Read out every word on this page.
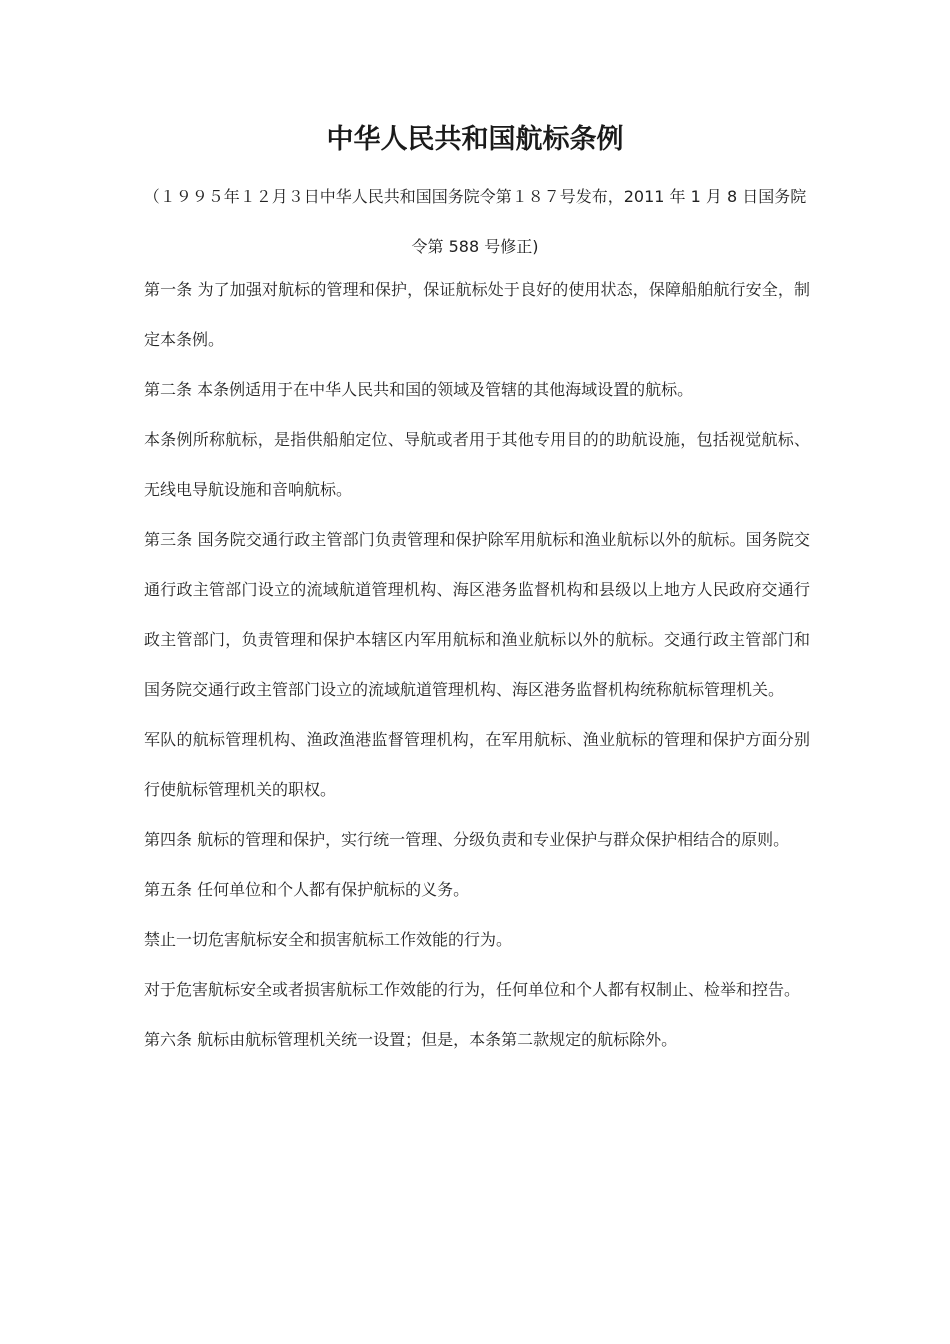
中华人民共和国航标条例
（１９９５年１２月３日中华人民共和国国务院令第１８７号发布，2011 年 1 月 8 日国务院令第 588 号修正)

第一条 为了加强对航标的管理和保护，保证航标处于良好的使用状态，保障船舶航行安全，制定本条例。

第二条 本条例适用于在中华人民共和国的领域及管辖的其他海域设置的航标。

本条例所称航标，是指供船舶定位、导航或者用于其他专用目的的助航设施，包括视觉航标、无线电导航设施和音响航标。

第三条 国务院交通行政主管部门负责管理和保护除军用航标和渔业航标以外的航标。国务院交通行政主管部门设立的流域航道管理机构、海区港务监督机构和县级以上地方人民政府交通行政主管部门，负责管理和保护本辖区内军用航标和渔业航标以外的航标。交通行政主管部门和国务院交通行政主管部门设立的流域航道管理机构、海区港务监督机构统称航标管理机关。

军队的航标管理机构、渔政渔港监督管理机构，在军用航标、渔业航标的管理和保护方面分别行使航标管理机关的职权。

第四条 航标的管理和保护，实行统一管理、分级负责和专业保护与群众保护相结合的原则。

第五条 任何单位和个人都有保护航标的义务。

禁止一切危害航标安全和损害航标工作效能的行为。

对于危害航标安全或者损害航标工作效能的行为，任何单位和个人都有权制止、检举和控告。

第六条 航标由航标管理机关统一设置；但是，本条第二款规定的航标除外。
